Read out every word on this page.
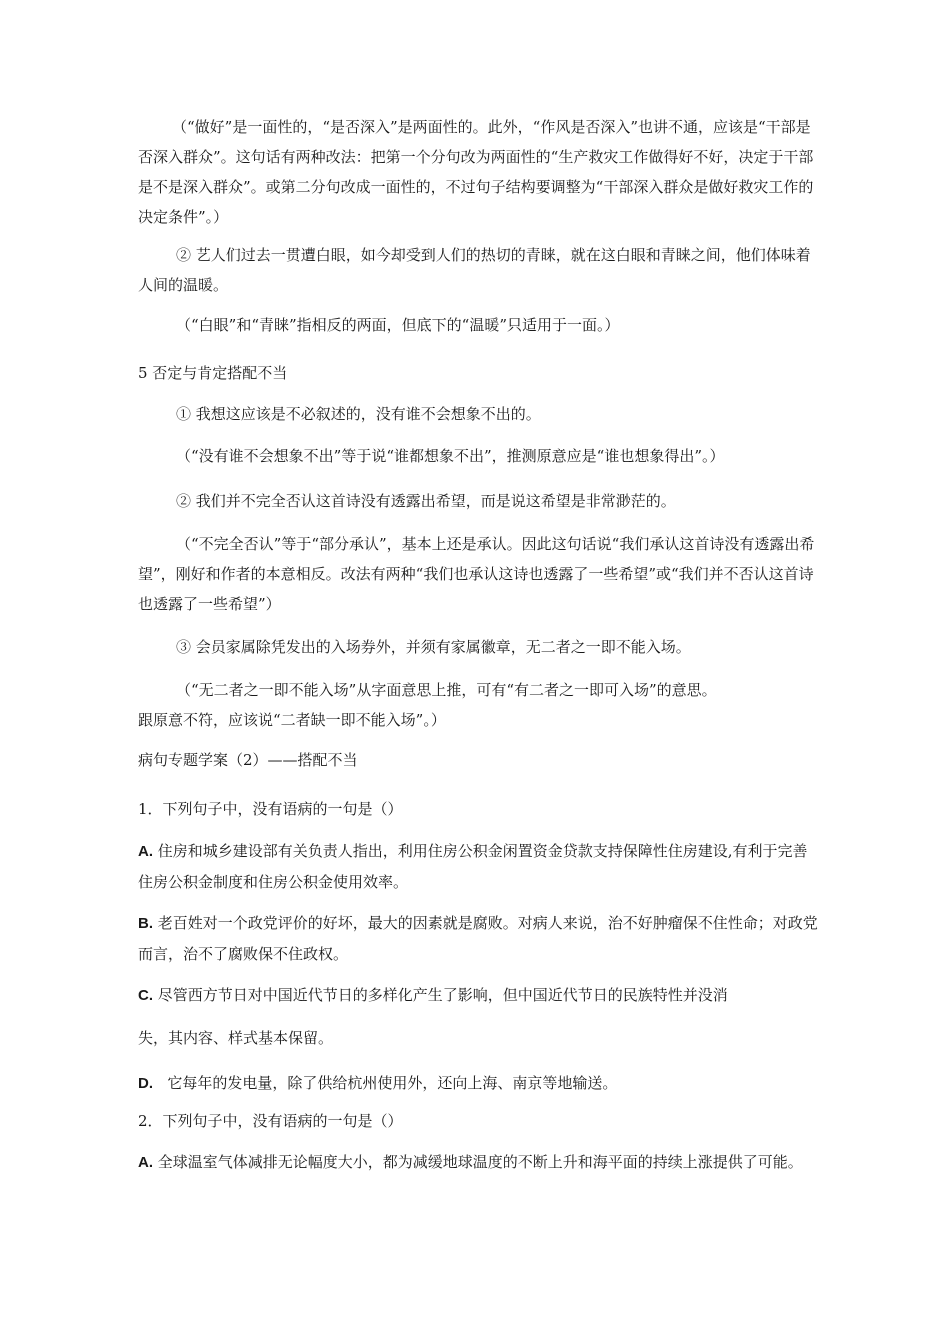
（“做好”是一面性的，“是否深入”是两面性的。此外，“作风是否深入”也讲不通，应该是“干部是否深入群众”。这句话有两种改法：把第一个分句改为两面性的“生产救灾工作做得好不好，决定于干部是不是深入群众”。或第二分句改成一面性的，不过句子结构要调整为“干部深入群众是做好救灾工作的决定条件”。）

② 艺人们过去一贯遭白眼，如今却受到人们的热切的青睐，就在这白眼和青睐之间，他们体味着人间的温暖。

（“白眼”和“青睐”指相反的两面，但底下的“温暖”只适用于一面。）

5 否定与肯定搭配不当

① 我想这应该是不必叙述的，没有谁不会想象不出的。

（“没有谁不会想象不出”等于说“谁都想象不出”，推测原意应是“谁也想象得出”。）

② 我们并不完全否认这首诗没有透露出希望，而是说这希望是非常渺茫的。

（“不完全否认”等于“部分承认”，基本上还是承认。因此这句话说“我们承认这首诗没有透露出希望”，刚好和作者的本意相反。改法有两种“我们也承认这诗也透露了一些希望”或“我们并不否认这首诗也透露了一些希望”）

③ 会员家属除凭发出的入场券外，并须有家属徽章，无二者之一即不能入场。

（“无二者之一即不能入场”从字面意思上推，可有“有二者之一即可入场”的意思。
跟原意不符，应该说“二者缺一即不能入场”。）

病句专题学案（2）——搭配不当

1．下列句子中，没有语病的一句是（）

A. 住房和城乡建设部有关负责人指出，利用住房公积金闲置资金贷款支持保障性住房建设,有利于完善住房公积金制度和住房公积金使用效率。

B. 老百姓对一个政党评价的好坏，最大的因素就是腐败。对病人来说，治不好肿瘤保不住性命；对政党而言，治不了腐败保不住政权。

C. 尽管西方节日对中国近代节日的多样化产生了影响，但中国近代节日的民族特性并没消
失，其内容、样式基本保留。

D. 它每年的发电量，除了供给杭州使用外，还向上海、南京等地输送。

2．下列句子中，没有语病的一句是（）

A. 全球温室气体减排无论幅度大小，都为减缓地球温度的不断上升和海平面的持续上涨提供了可能。
